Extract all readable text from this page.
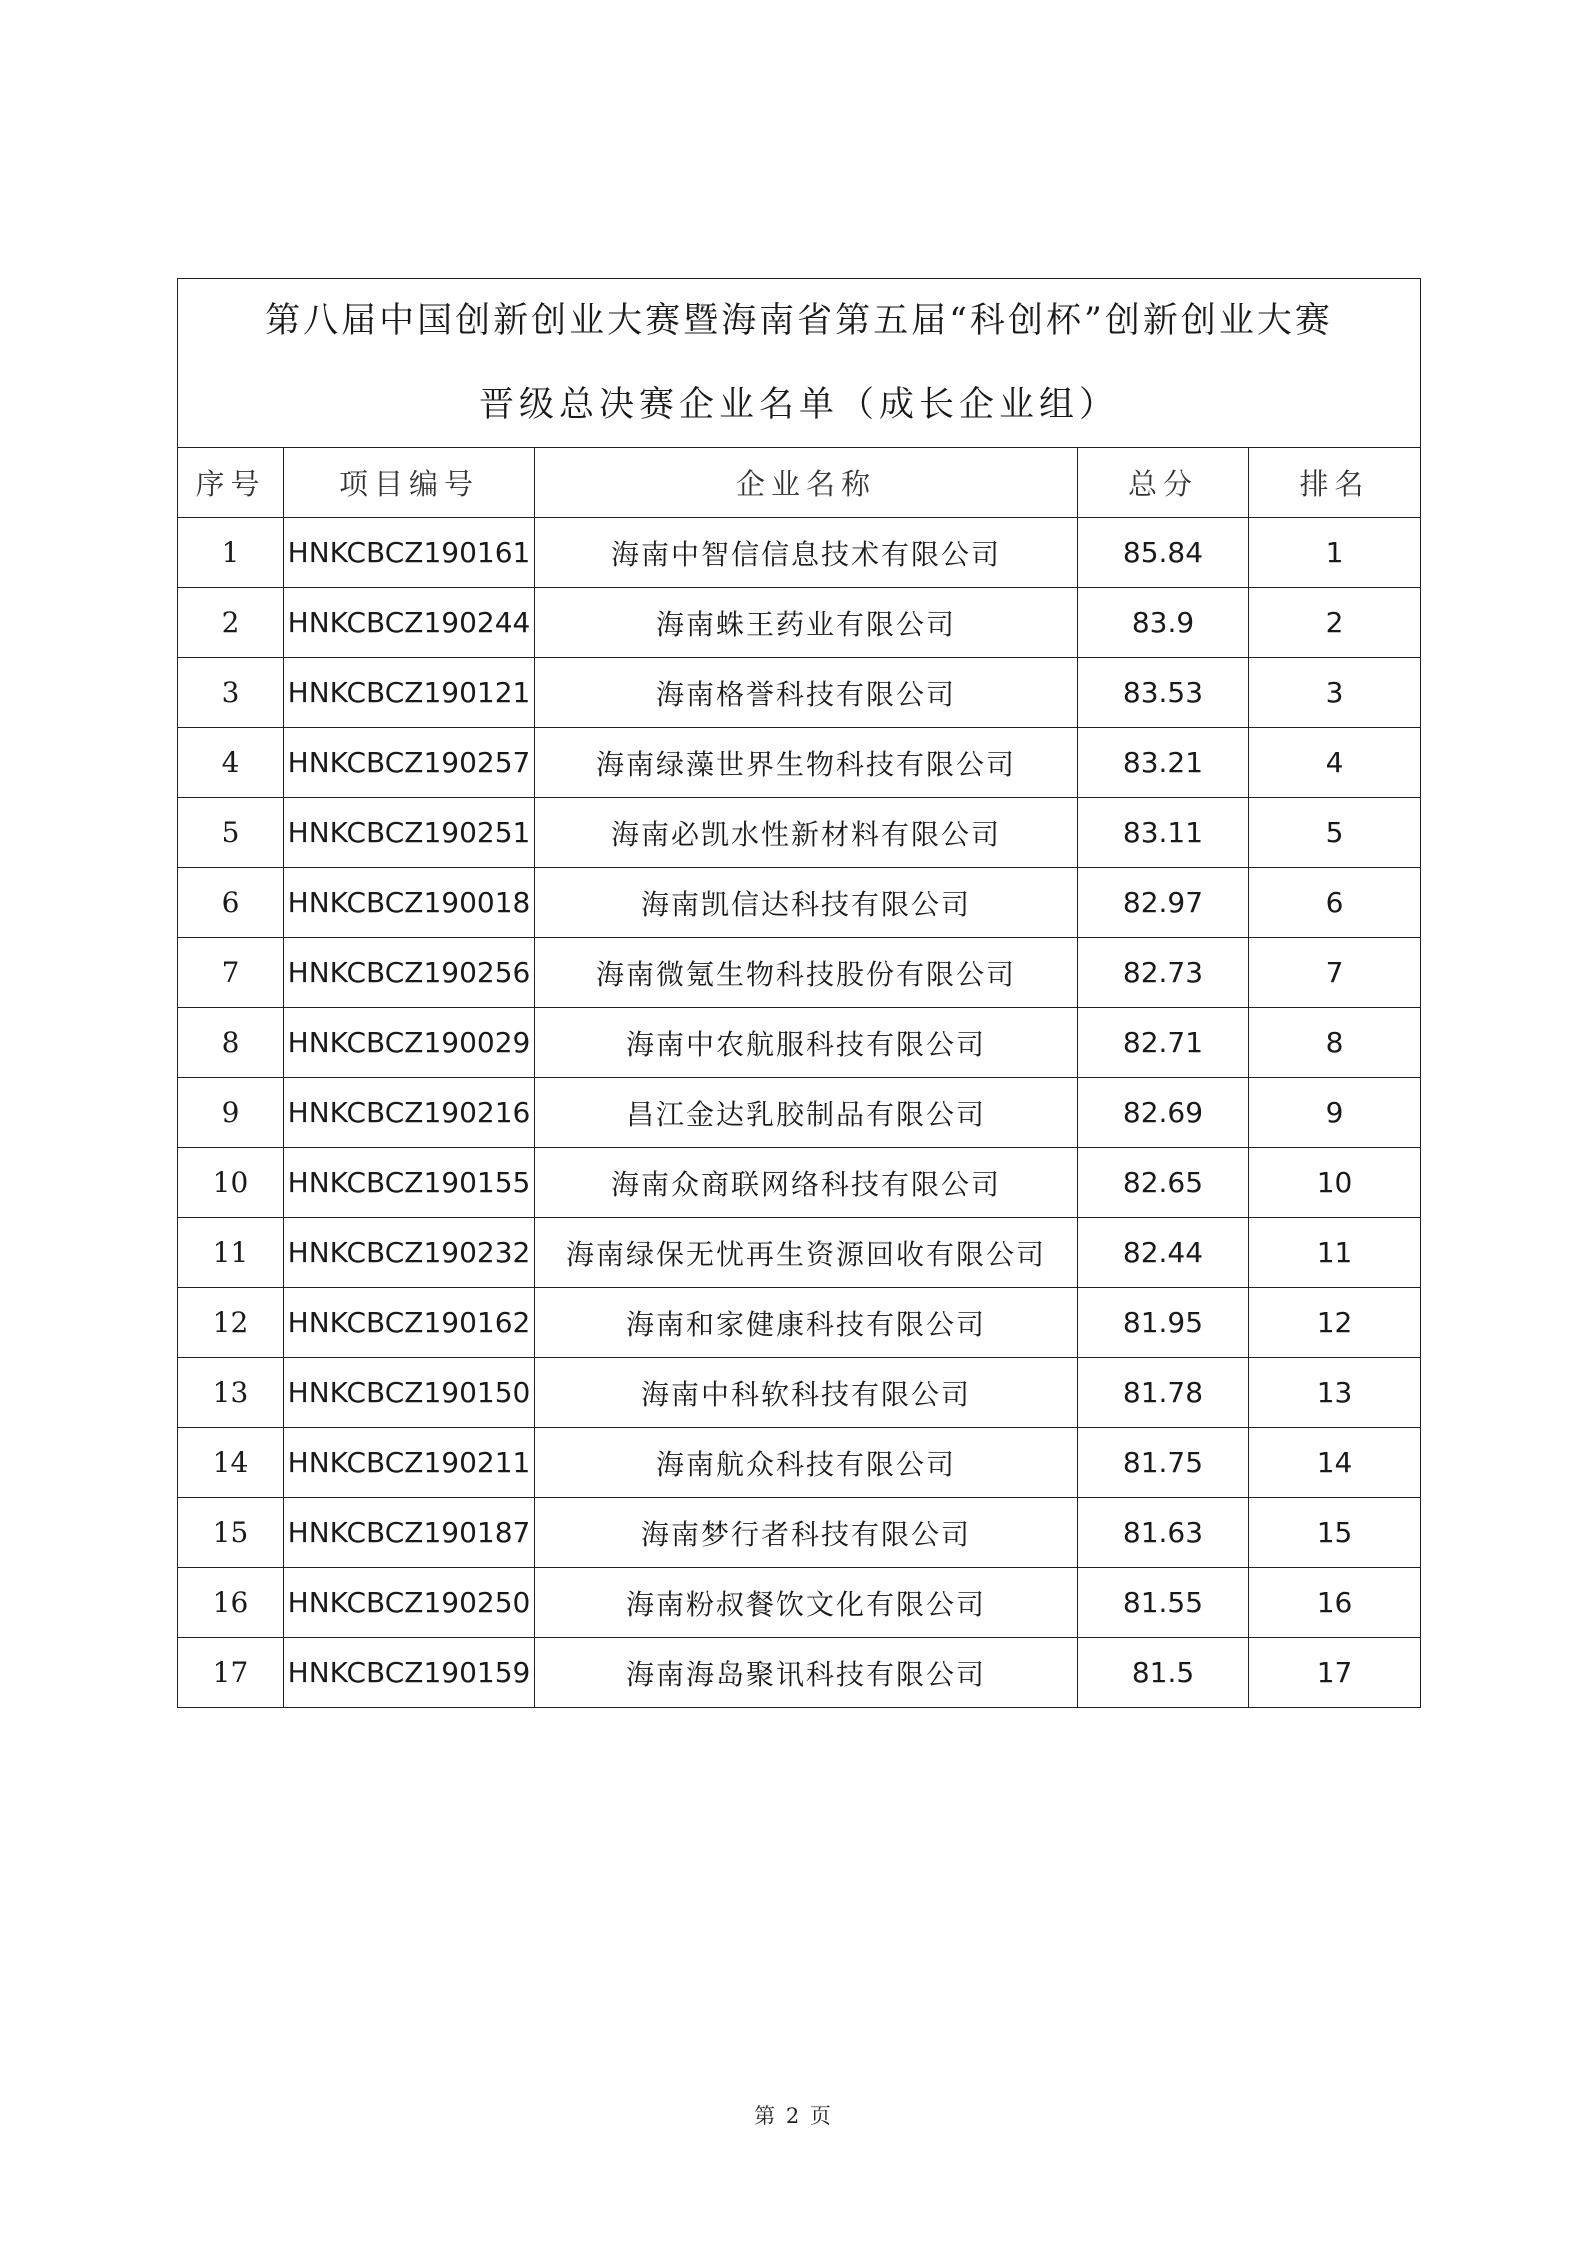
第八届中国创新创业大赛暨海南省第五届“科创杯”创新创业大赛
晋级总决赛企业名单（成长企业组）				

序号	项目编号	企业名称	总分	排名
1	HNKCBCZ190161	海南中智信信息技术有限公司	85.84	1
2	HNKCBCZ190244	海南蛛王药业有限公司	83.9	2
3	HNKCBCZ190121	海南格誉科技有限公司	83.53	3
4	HNKCBCZ190257	海南绿藻世界生物科技有限公司	83.21	4
5	HNKCBCZ190251	海南必凯水性新材料有限公司	83.11	5
6	HNKCBCZ190018	海南凯信达科技有限公司	82.97	6
7	HNKCBCZ190256	海南微氪生物科技股份有限公司	82.73	7
8	HNKCBCZ190029	海南中农航服科技有限公司	82.71	8
9	HNKCBCZ190216	昌江金达乳胶制品有限公司	82.69	9
10	HNKCBCZ190155	海南众商联网络科技有限公司	82.65	10
11	HNKCBCZ190232	海南绿保无忧再生资源回收有限公司	82.44	11
12	HNKCBCZ190162	海南和家健康科技有限公司	81.95	12
13	HNKCBCZ190150	海南中科软科技有限公司	81.78	13
14	HNKCBCZ190211	海南航众科技有限公司	81.75	14
15	HNKCBCZ190187	海南梦行者科技有限公司	81.63	15
16	HNKCBCZ190250	海南粉叔餐饮文化有限公司	81.55	16
17	HNKCBCZ190159	海南海岛聚讯科技有限公司	81.5	17
第 2 页
